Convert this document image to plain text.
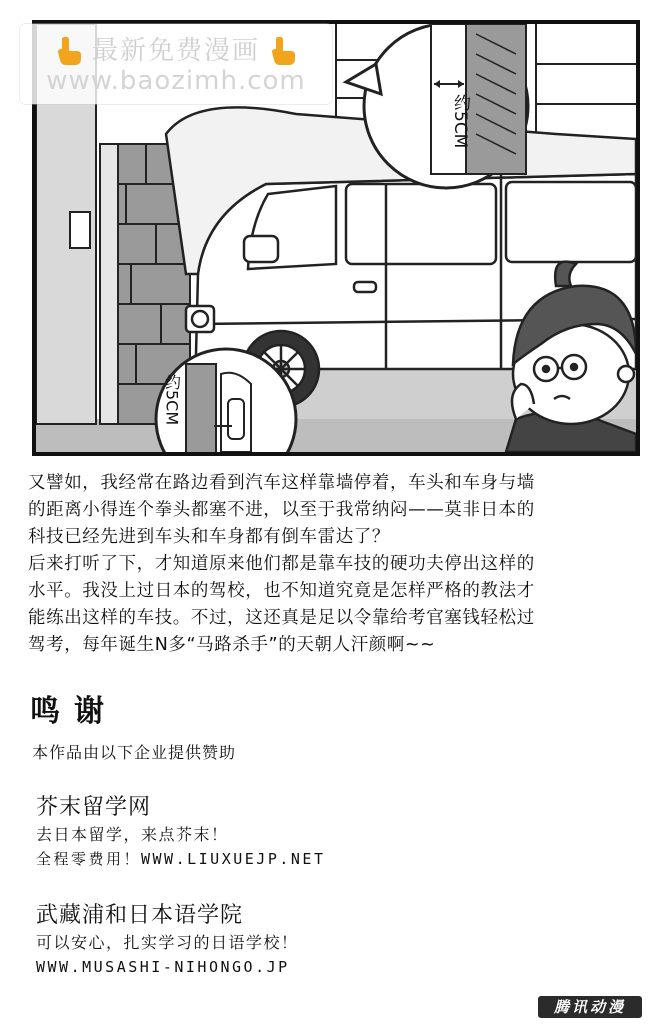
约5CM
约5CM
最新免费漫画
www.baozimh.com

又譬如，我经常在路边看到汽车这样靠墙停着，车头和车身与墙

的距离小得连个拳头都塞不进，以至于我常纳闷——莫非日本的

科技已经先进到车头和车身都有倒车雷达了？

后来打听了下，才知道原来他们都是靠车技的硬功夫停出这样的

水平。我没上过日本的驾校，也不知道究竟是怎样严格的教法才

能练出这样的车技。不过，这还真是足以令靠给考官塞钱轻松过

驾考，每年诞生N多“马路杀手”的天朝人汗颜啊~~

鸣谢
本作品由以下企业提供赞助
芥末留学网
去日本留学，来点芥末！
全程零费用！WWW.LIUXUEJP.NET
武藏浦和日本语学院
可以安心，扎实学习的日语学校！
WWW.MUSASHI-NIHONGO.JP
腾讯动漫
